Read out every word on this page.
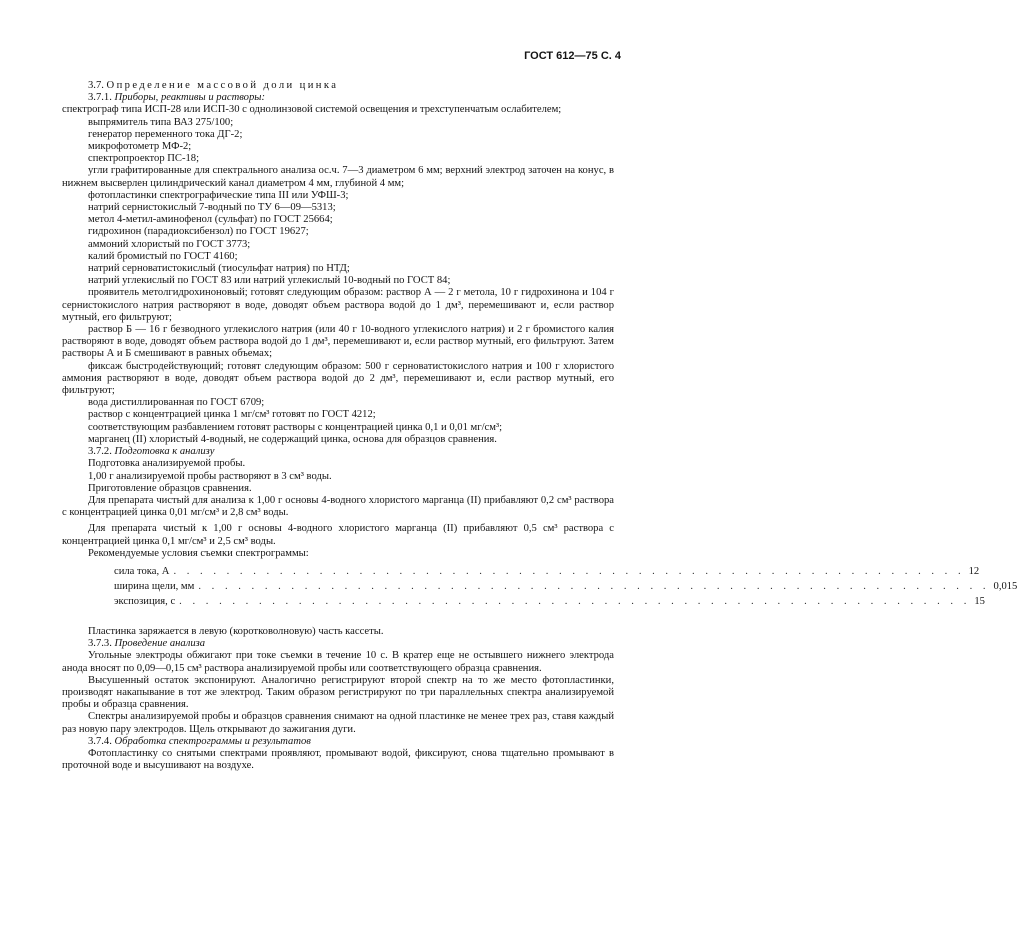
ГОСТ 612—75 С. 4

3.7. Определение массовой доли цинка

3.7.1. Приборы, реактивы и растворы:

спектрограф типа ИСП-28 или ИСП-30 с однолинзовой системой освещения и трехступенчатым ослабителем;

выпрямитель типа ВАЗ 275/100;

генератор переменного тока ДГ-2;

микрофотометр МФ-2;

спектропроектор ПС-18;

угли графитированные для спектрального анализа ос.ч. 7—3 диаметром 6 мм; верхний электрод заточен на конус, в нижнем высверлен цилиндрический канал диаметром 4 мм, глубиной 4 мм;

фотопластинки спектрографические типа III или УФШ-3;

натрий сернистокислый 7-водный по ТУ 6—09—5313;

метол 4-метил-аминофенол (сульфат) по ГОСТ 25664;

гидрохинон (парадиоксибензол) по ГОСТ 19627;

аммоний хлористый по ГОСТ 3773;

калий бромистый по ГОСТ 4160;

натрий серноватистокислый (тиосульфат натрия) по НТД;

натрий углекислый по ГОСТ 83 или натрий углекислый 10-водный по ГОСТ 84;

проявитель метолгидрохиноновый; готовят следующим образом: раствор А — 2 г метола, 10 г гидрохинона и 104 г сернистокислого натрия растворяют в воде, доводят объем раствора водой до 1 дм³, перемешивают и, если раствор мутный, его фильтруют;

раствор Б — 16 г безводного углекислого натрия (или 40 г 10-водного углекислого натрия) и 2 г бромистого калия растворяют в воде, доводят объем раствора водой до 1 дм³, перемешивают и, если раствор мутный, его фильтруют. Затем растворы А и Б смешивают в равных объемах;

фиксаж быстродействующий; готовят следующим образом: 500 г серноватистокислого натрия и 100 г хлористого аммония растворяют в воде, доводят объем раствора водой до 2 дм³, перемешивают и, если раствор мутный, его фильтруют;

вода дистиллированная по ГОСТ 6709;

раствор с концентрацией цинка 1 мг/см³ готовят по ГОСТ 4212;

соответствующим разбавлением готовят растворы с концентрацией цинка 0,1 и 0,01 мг/см³;

марганец (II) хлористый 4-водный, не содержащий цинка, основа для образцов сравнения.

3.7.2. Подготовка к анализу

Подготовка анализируемой пробы.

1,00 г анализируемой пробы растворяют в 3 см³ воды.

Приготовление образцов сравнения.

Для препарата чистый для анализа к 1,00 г основы 4-водного хлористого марганца (II) прибавляют 0,2 см³ раствора с концентрацией цинка 0,01 мг/см³ и 2,8 см³ воды.

Для препарата чистый к 1,00 г основы 4-водного хлористого марганца (II) прибавляют 0,5 см³ раствора с концентрацией цинка 0,1 мг/см³ и 2,5 см³ воды.

Рекомендуемые условия съемки спектрограммы:

сила тока, А . . . . . . . . . . . . . . . . . . . . . . . . . . . . . . . . . . . . . . . . . . . . . . . . . . . . . . . . . . . . 12
ширина щели, мм . . . . . . . . . . . . . . . . . . . . . . . . . . . . . . . . . . . . . . . . . . . . . . . . . . . . . . . . . . . . 0,015
экспозиция, с . . . . . . . . . . . . . . . . . . . . . . . . . . . . . . . . . . . . . . . . . . . . . . . . . . . . . . . . . . . . 15

Пластинка заряжается в левую (коротковолновую) часть кассеты.

3.7.3. Проведение анализа

Угольные электроды обжигают при токе съемки в течение 10 с. В кратер еще не остывшего нижнего электрода анода вносят по 0,09—0,15 см³ раствора анализируемой пробы или соответствующего образца сравнения.

Высушенный остаток экспонируют. Аналогично регистрируют второй спектр на то же место фотопластинки, производят накапывание в тот же электрод. Таким образом регистрируют по три параллельных спектра анализируемой пробы и образца сравнения.

Спектры анализируемой пробы и образцов сравнения снимают на одной пластинке не менее трех раз, ставя каждый раз новую пару электродов. Щель открывают до зажигания дуги.

3.7.4. Обработка спектрограммы и результатов

Фотопластинку со снятыми спектрами проявляют, промывают водой, фиксируют, снова тщательно промывают в проточной воде и высушивают на воздухе.
